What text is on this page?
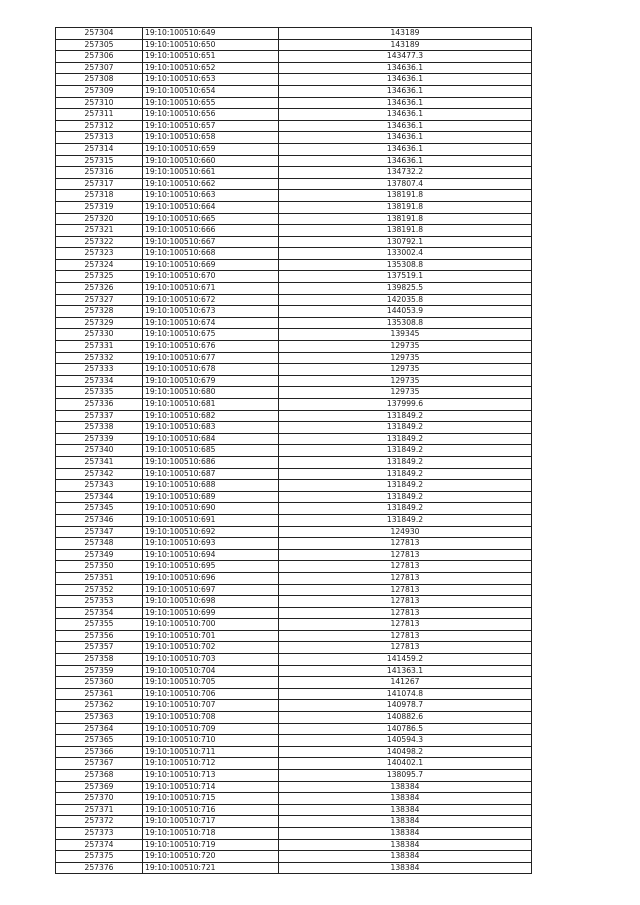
257304	19:10:100510:649	143189
257305	19:10:100510:650	143189
257306	19:10:100510:651	143477.3
257307	19:10:100510:652	134636.1
257308	19:10:100510:653	134636.1
257309	19:10:100510:654	134636.1
257310	19:10:100510:655	134636.1
257311	19:10:100510:656	134636.1
257312	19:10:100510:657	134636.1
257313	19:10:100510:658	134636.1
257314	19:10:100510:659	134636.1
257315	19:10:100510:660	134636.1
257316	19:10:100510:661	134732.2
257317	19:10:100510:662	137807.4
257318	19:10:100510:663	138191.8
257319	19:10:100510:664	138191.8
257320	19:10:100510:665	138191.8
257321	19:10:100510:666	138191.8
257322	19:10:100510:667	130792.1
257323	19:10:100510:668	133002.4
257324	19:10:100510:669	135308.8
257325	19:10:100510:670	137519.1
257326	19:10:100510:671	139825.5
257327	19:10:100510:672	142035.8
257328	19:10:100510:673	144053.9
257329	19:10:100510:674	135308.8
257330	19:10:100510:675	139345
257331	19:10:100510:676	129735
257332	19:10:100510:677	129735
257333	19:10:100510:678	129735
257334	19:10:100510:679	129735
257335	19:10:100510:680	129735
257336	19:10:100510:681	137999.6
257337	19:10:100510:682	131849.2
257338	19:10:100510:683	131849.2
257339	19:10:100510:684	131849.2
257340	19:10:100510:685	131849.2
257341	19:10:100510:686	131849.2
257342	19:10:100510:687	131849.2
257343	19:10:100510:688	131849.2
257344	19:10:100510:689	131849.2
257345	19:10:100510:690	131849.2
257346	19:10:100510:691	131849.2
257347	19:10:100510:692	124930
257348	19:10:100510:693	127813
257349	19:10:100510:694	127813
257350	19:10:100510:695	127813
257351	19:10:100510:696	127813
257352	19:10:100510:697	127813
257353	19:10:100510:698	127813
257354	19:10:100510:699	127813
257355	19:10:100510:700	127813
257356	19:10:100510:701	127813
257357	19:10:100510:702	127813
257358	19:10:100510:703	141459.2
257359	19:10:100510:704	141363.1
257360	19:10:100510:705	141267
257361	19:10:100510:706	141074.8
257362	19:10:100510:707	140978.7
257363	19:10:100510:708	140882.6
257364	19:10:100510:709	140786.5
257365	19:10:100510:710	140594.3
257366	19:10:100510:711	140498.2
257367	19:10:100510:712	140402.1
257368	19:10:100510:713	138095.7
257369	19:10:100510:714	138384
257370	19:10:100510:715	138384
257371	19:10:100510:716	138384
257372	19:10:100510:717	138384
257373	19:10:100510:718	138384
257374	19:10:100510:719	138384
257375	19:10:100510:720	138384
257376	19:10:100510:721	138384
